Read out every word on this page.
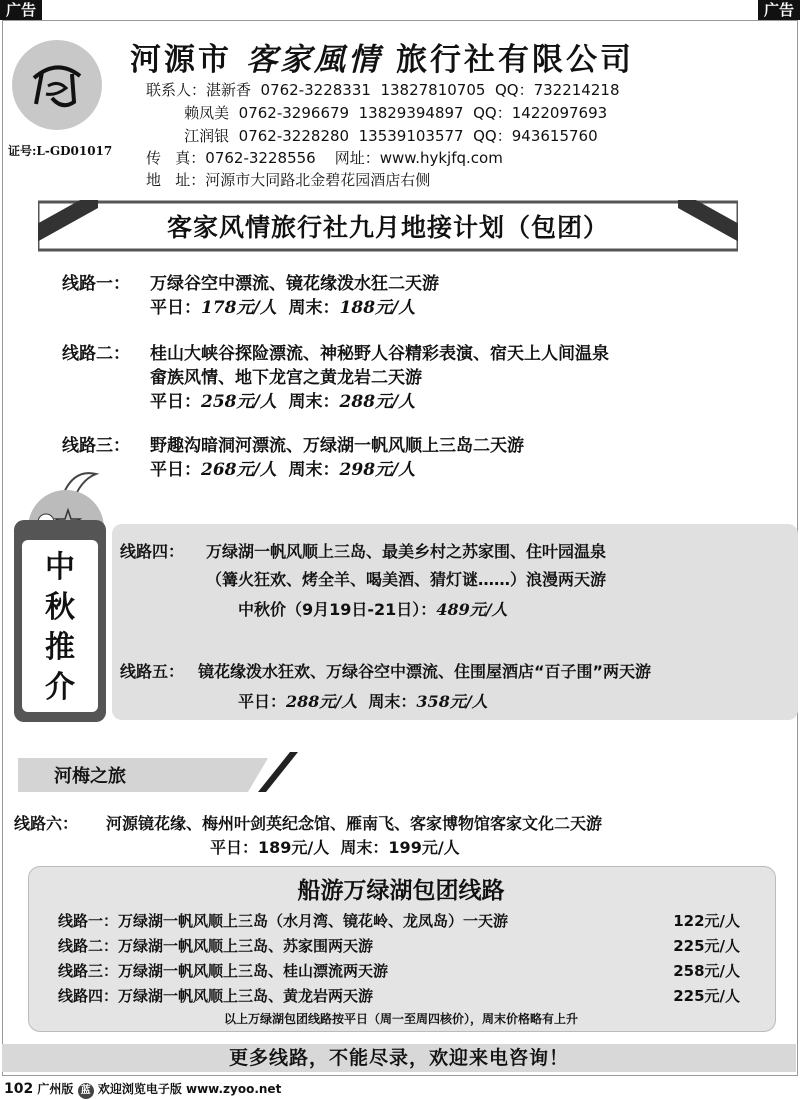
广告	广告
证号:L-GD01017
河源市 客家風情 旅行社有限公司
联系人：湛新香  0762-3228331  13827810705  QQ：732214218
赖凤美  0762-3296679  13829394897  QQ：1422097693
江润银  0762-3228280  13539103577  QQ：943615760
传   真：0762-3228556    网址：www.hykjfq.com
地   址：河源市大同路北金碧花园酒店右侧
客家风情旅行社九月地接计划（包团）
线路一： 万绿谷空中漂流、镜花缘泼水狂二天游
平日：178元/人 周末：188元/人
线路二： 桂山大峡谷探险漂流、神秘野人谷精彩表演、宿天上人间温泉
畲族风情、地下龙宫之黄龙岩二天游
平日：258元/人 周末：288元/人
线路三： 野趣沟暗洞河漂流、万绿湖一帆风顺上三岛二天游
平日：268元/人 周末：298元/人
中
秋
推
介
线路四： 万绿湖一帆风顺上三岛、最美乡村之苏家围、住叶园温泉
（篝火狂欢、烤全羊、喝美酒、猜灯谜……）浪漫两天游
中秋价（9月19日-21日）：489元/人
线路五： 镜花缘泼水狂欢、万绿谷空中漂流、住围屋酒店“百子围”两天游
平日：288元/人 周末：358元/人
河梅之旅
线路六： 河源镜花缘、梅州叶剑英纪念馆、雁南飞、客家博物馆客家文化二天游
平日：189元/人 周末：199元/人
船游万绿湖包团线路
线路一：万绿湖一帆风顺上三岛（水月湾、镜花岭、龙凤岛）一天游	122元/人
线路二：万绿湖一帆风顺上三岛、苏家围两天游	225元/人
线路三：万绿湖一帆风顺上三岛、桂山漂流两天游	258元/人
线路四：万绿湖一帆风顺上三岛、黄龙岩两天游	225元/人
以上万绿湖包团线路按平日（周一至周四核价），周末价格略有上升
更多线路，不能尽录，欢迎来电咨询！
102 广州版 蓝 欢迎浏览电子版 www.zyoo.net
